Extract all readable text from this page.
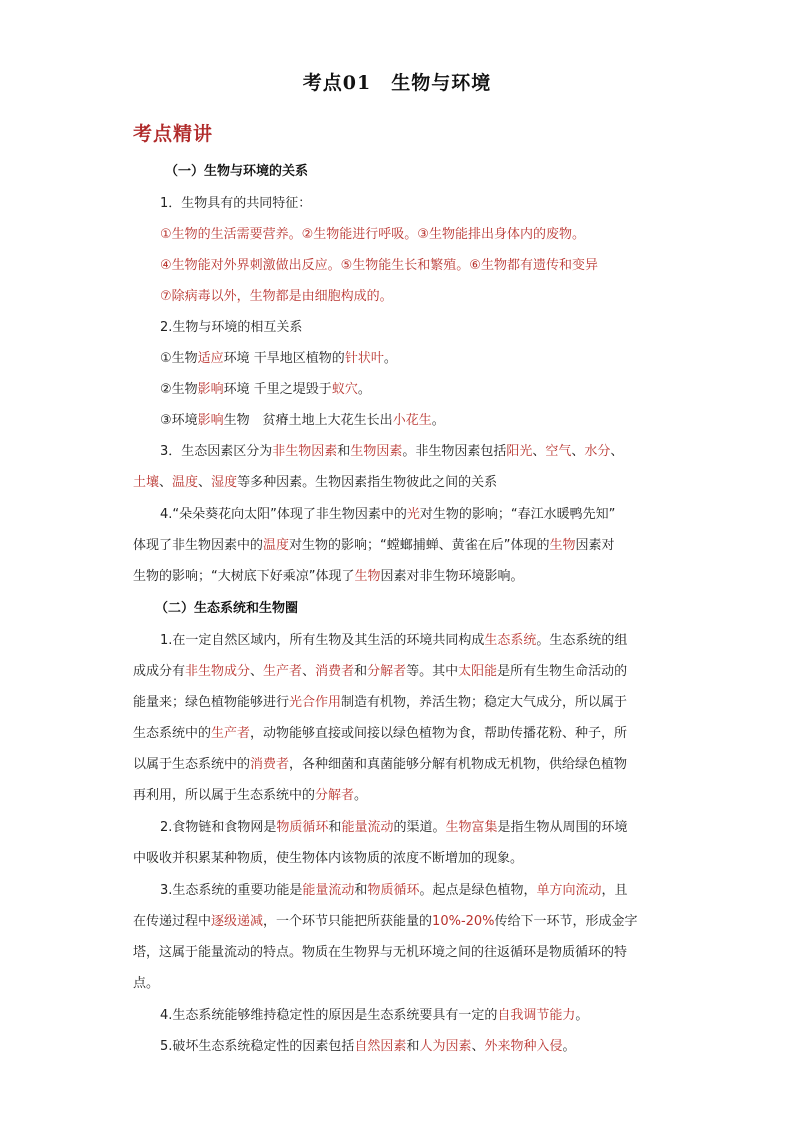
考点01　生物与环境
考点精讲
（一）生物与环境的关系
1．生物具有的共同特征：
①生物的生活需要营养。②生物能进行呼吸。③生物能排出身体内的废物。
④生物能对外界刺激做出反应。⑤生物能生长和繁殖。⑥生物都有遗传和变异
⑦除病毒以外，生物都是由细胞构成的。
2.生物与环境的相互关系
①生物适应环境 干旱地区植物的针状叶。
②生物影响环境 千里之堤毁于蚁穴。
③环境影响生物　贫瘠土地上大花生长出小花生。
3．生态因素区分为非生物因素和生物因素。非生物因素包括阳光、空气、水分、
土壤、温度、湿度等多种因素。生物因素指生物彼此之间的关系
4.“朵朵葵花向太阳”体现了非生物因素中的光对生物的影响；“春江水暖鸭先知”
体现了非生物因素中的温度对生物的影响；“螳螂捕蝉、黄雀在后”体现的生物因素对
生物的影响；“大树底下好乘凉”体现了生物因素对非生物环境影响。
（二）生态系统和生物圈
1.在一定自然区域内，所有生物及其生活的环境共同构成生态系统。生态系统的组
成成分有非生物成分、生产者、消费者和分解者等。其中太阳能是所有生物生命活动的
能量来；绿色植物能够进行光合作用制造有机物，养活生物；稳定大气成分，所以属于
生态系统中的生产者，动物能够直接或间接以绿色植物为食，帮助传播花粉、种子，所
以属于生态系统中的消费者，各种细菌和真菌能够分解有机物成无机物，供给绿色植物
再利用，所以属于生态系统中的分解者。
2.食物链和食物网是物质循环和能量流动的渠道。生物富集是指生物从周围的环境
中吸收并积累某种物质，使生物体内该物质的浓度不断增加的现象。
3.生态系统的重要功能是能量流动和物质循环。起点是绿色植物，单方向流动，且
在传递过程中逐级递减，一个环节只能把所获能量的10%-20%传给下一环节，形成金字
塔，这属于能量流动的特点。物质在生物界与无机环境之间的往返循环是物质循环的特
点。
4.生态系统能够维持稳定性的原因是生态系统要具有一定的自我调节能力。
5.破坏生态系统稳定性的因素包括自然因素和人为因素、外来物种入侵。
